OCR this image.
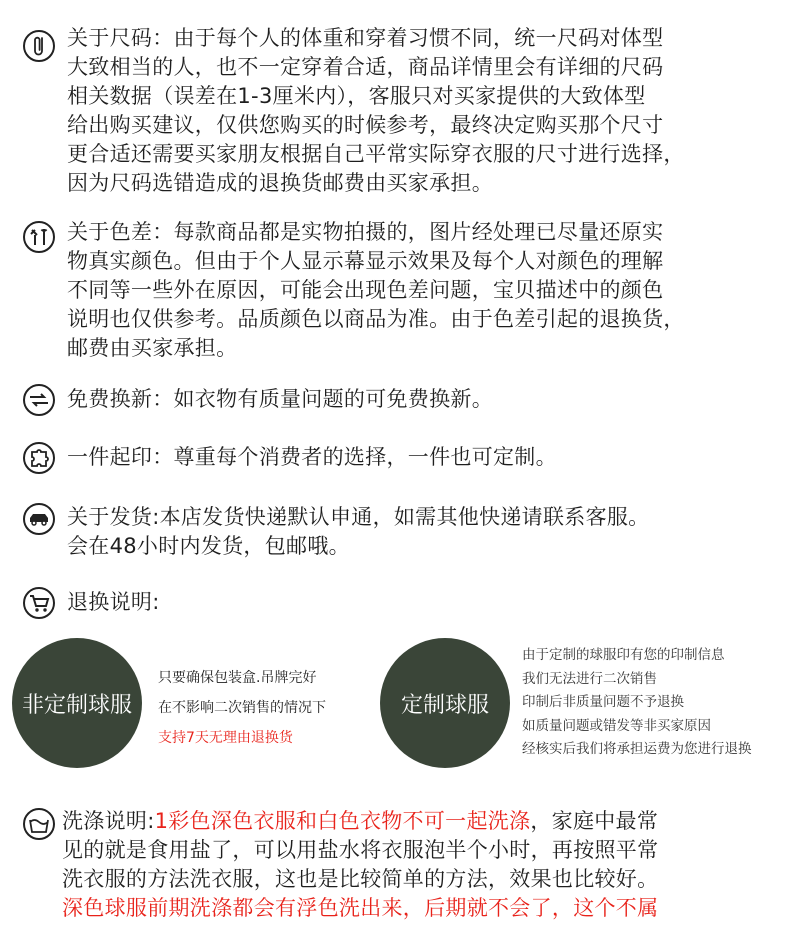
关于尺码：由于每个人的体重和穿着习惯不同，统一尺码对体型
大致相当的人，也不一定穿着合适，商品详情里会有详细的尺码
相关数据（误差在1-3厘米内），客服只对买家提供的大致体型
给出购买建议，仅供您购买的时候参考，最终决定购买那个尺寸
更合适还需要买家朋友根据自己平常实际穿衣服的尺寸进行选择，
因为尺码选错造成的退换货邮费由买家承担。
关于色差：每款商品都是实物拍摄的，图片经处理已尽量还原实
物真实颜色。但由于个人显示幕显示效果及每个人对颜色的理解
不同等一些外在原因，可能会出现色差问题，宝贝描述中的颜色
说明也仅供参考。品质颜色以商品为准。由于色差引起的退换货，
邮费由买家承担。
免费换新：如衣物有质量问题的可免费换新。
一件起印：尊重每个消费者的选择，一件也可定制。
关于发货:本店发货快递默认申通，如需其他快递请联系客服。
会在48小时内发货，包邮哦。
退换说明:
非定制球服
只要确保包装盒.吊牌完好
在不影响二次销售的情况下
支持7天无理由退换货
定制球服
由于定制的球服印有您的印制信息
我们无法进行二次销售
印制后非质量问题不予退换
如质量问题或错发等非买家原因
经核实后我们将承担运费为您进行退换
洗涤说明:1彩色深色衣服和白色衣物不可一起洗涤，家庭中最常
见的就是食用盐了，可以用盐水将衣服泡半个小时，再按照平常
洗衣服的方法洗衣服，这也是比较简单的方法，效果也比较好。
深色球服前期洗涤都会有浮色洗出来，后期就不会了，这个不属
